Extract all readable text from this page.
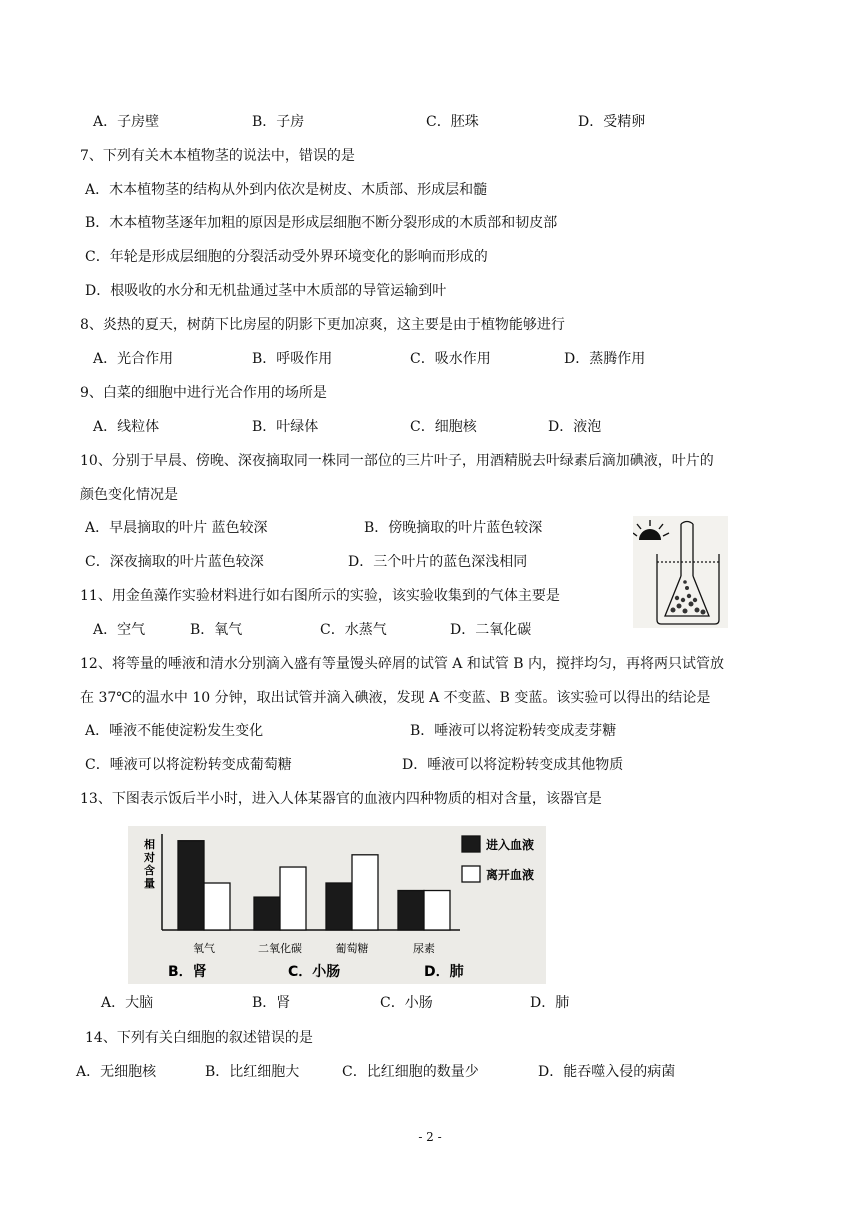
A．子房壁	B．子房	C．胚珠	D．受精卵
7、下列有关木本植物茎的说法中，错误的是
A．木本植物茎的结构从外到内依次是树皮、木质部、形成层和髓
B．木本植物茎逐年加粗的原因是形成层细胞不断分裂形成的木质部和韧皮部
C．年轮是形成层细胞的分裂活动受外界环境变化的影响而形成的
D．根吸收的水分和无机盐通过茎中木质部的导管运输到叶
8、炎热的夏天，树荫下比房屋的阴影下更加凉爽，这主要是由于植物能够进行
A．光合作用	B．呼吸作用	C．吸水作用	D．蒸腾作用
9、白菜的细胞中进行光合作用的场所是
A．线粒体	B．叶绿体	C．细胞核	D．液泡
10、分别于早晨、傍晚、深夜摘取同一株同一部位的三片叶子，用酒精脱去叶绿素后滴加碘液，叶片的
颜色变化情况是
A．早晨摘取的叶片 蓝色较深	B．傍晚摘取的叶片蓝色较深
C．深夜摘取的叶片蓝色较深	D．三个叶片的蓝色深浅相同
11、用金鱼藻作实验材料进行如右图所示的实验，该实验收集到的气体主要是
A．空气	B．氧气	C．水蒸气	D．二氧化碳
12、将等量的唾液和清水分别滴入盛有等量馒头碎屑的试管 A 和试管 B 内，搅拌均匀，再将两只试管放
在 37℃的温水中 10 分钟，取出试管并滴入碘液，发现 A 不变蓝、B 变蓝。该实验可以得出的结论是
A．唾液不能使淀粉发生变化	B．唾液可以将淀粉转变成麦芽糖
C．唾液可以将淀粉转变成葡萄糖	D．唾液可以将淀粉转变成其他物质
13、下图表示饭后半小时，进入人体某器官的血液内四种物质的相对含量，该器官是
相
对
含
量
氧气	二氧化碳	葡萄糖	尿素
进入血液
离开血液
B．肾	C．小肠	D．肺
A．大脑	B．肾	C．小肠	D．肺
14、下列有关白细胞的叙述错误的是
A．无细胞核	B．比红细胞大	C．比红细胞的数量少	D．能吞噬入侵的病菌
- 2 -
